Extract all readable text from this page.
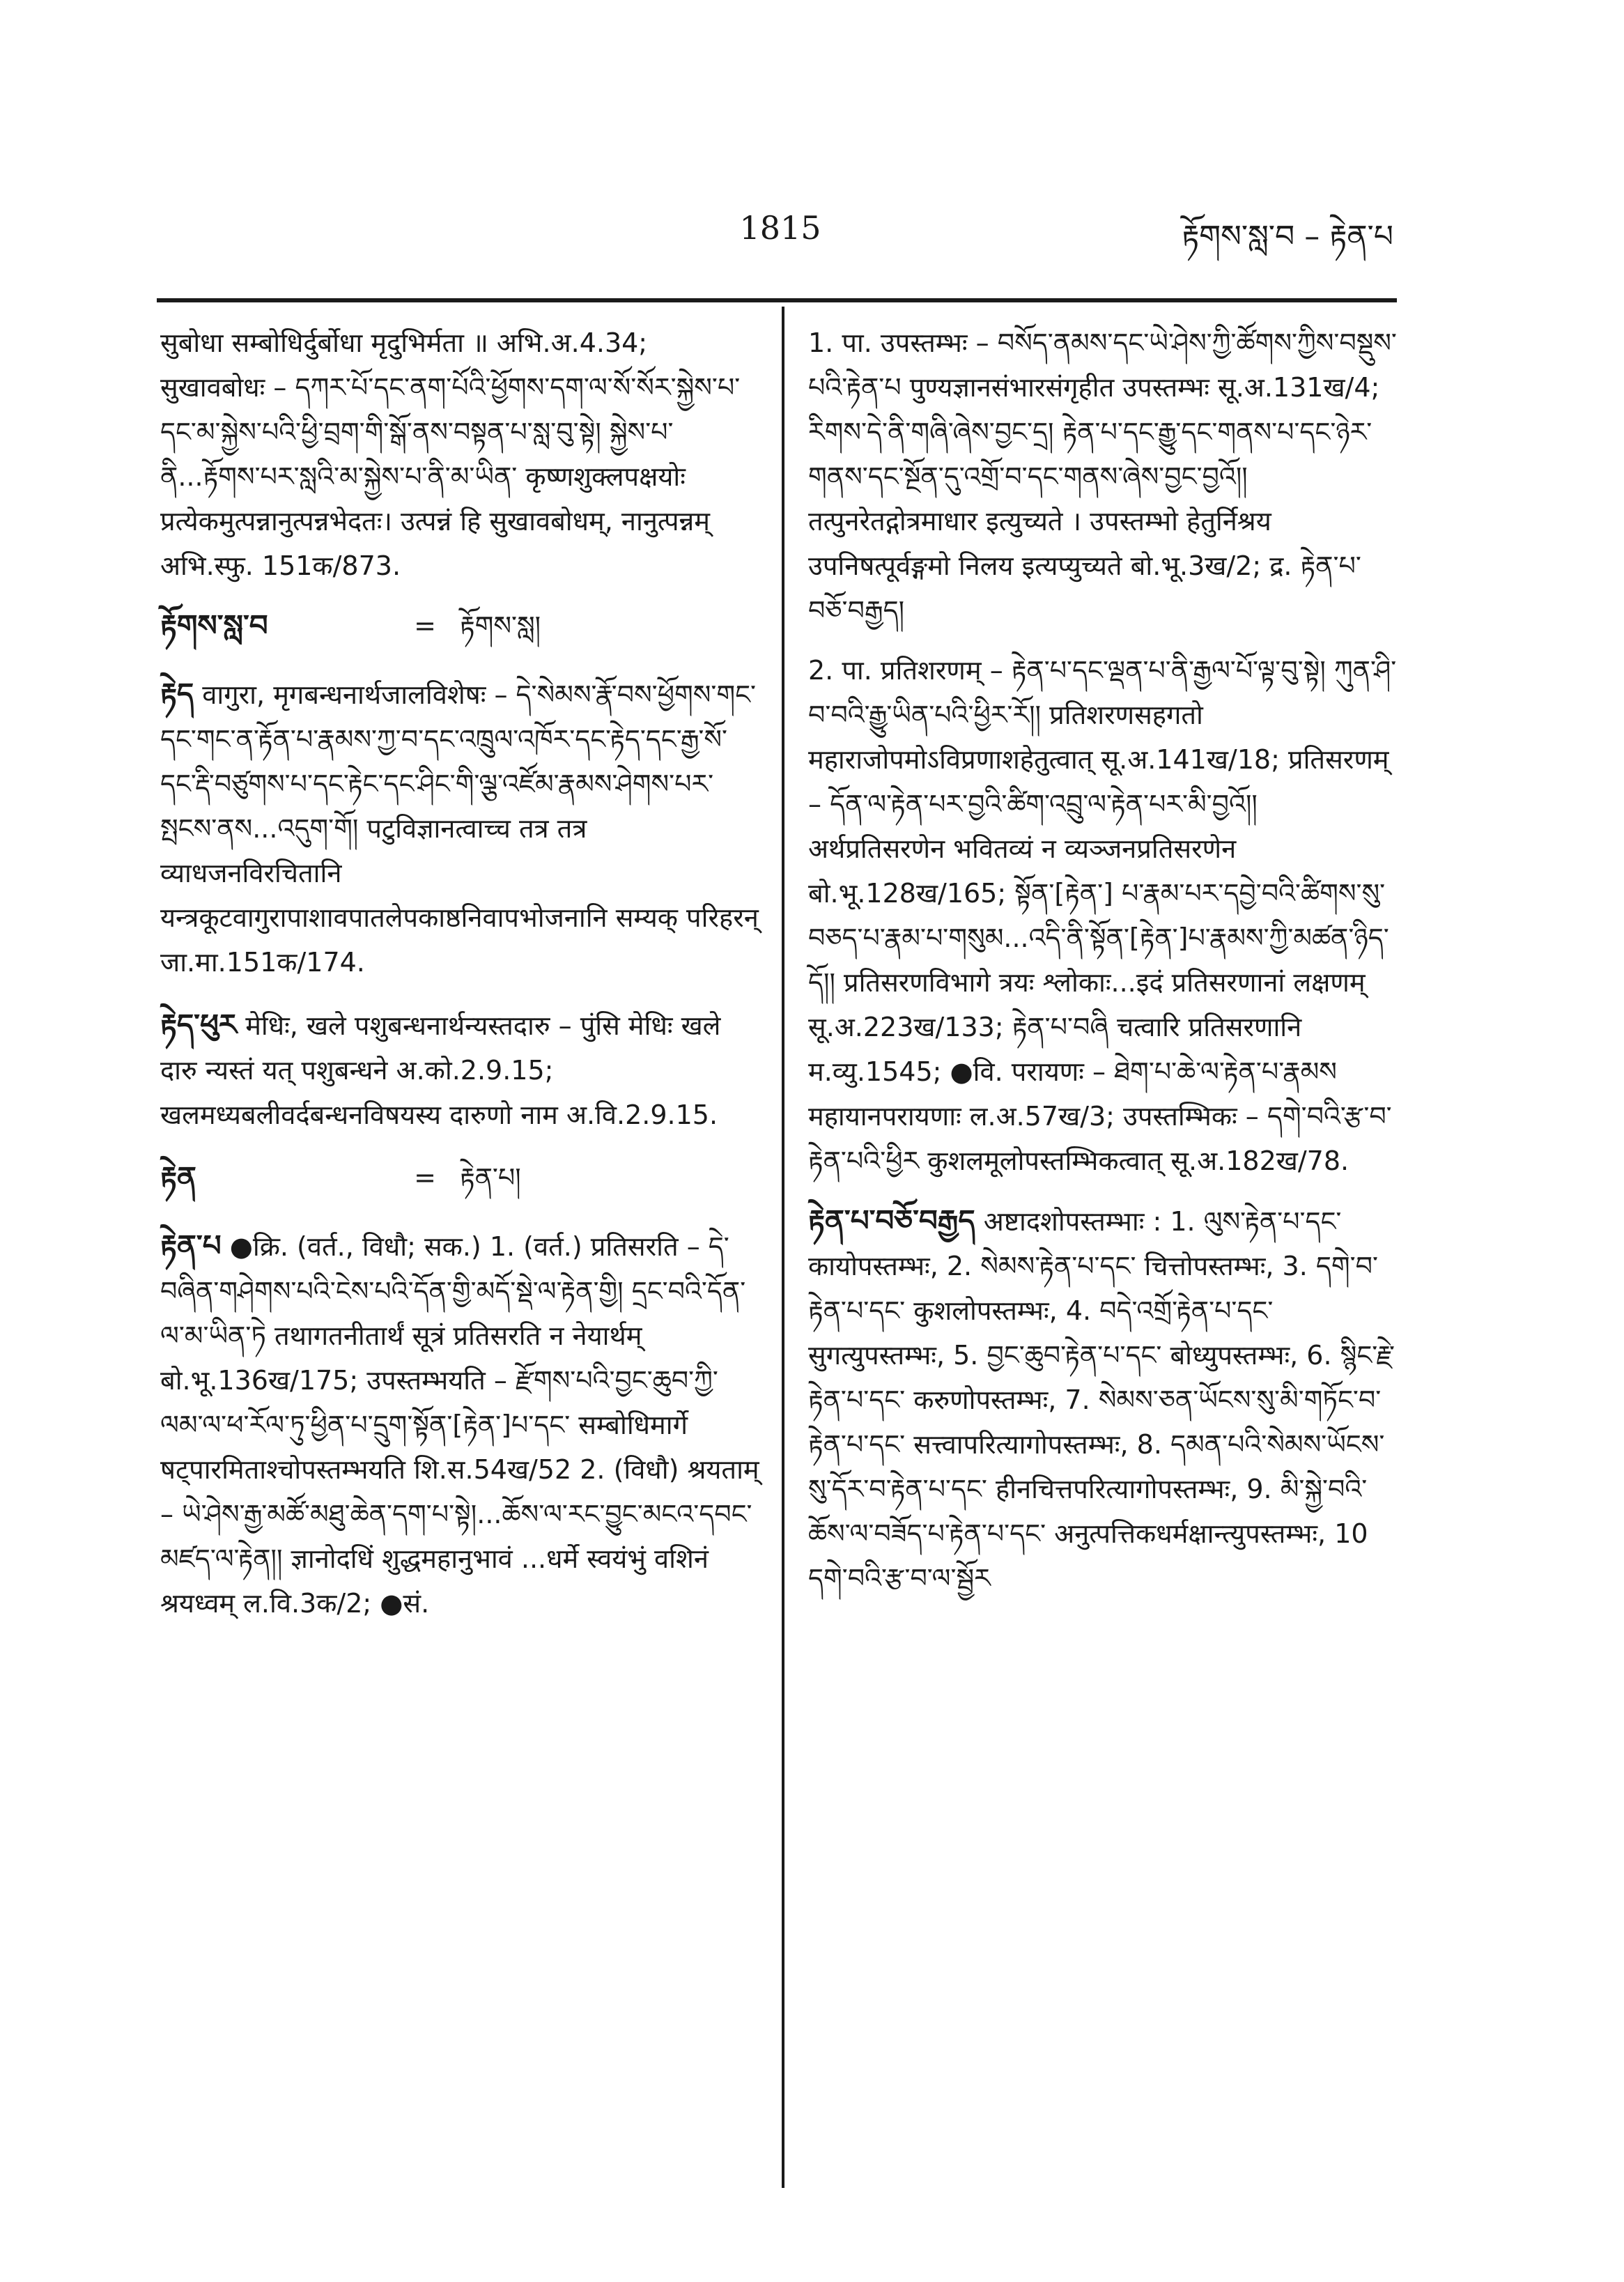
1815	རྟོགས་སླ་བ – རྟེན་པ

सुबोधा सम्बोधिर्दुर्बोधा मृदुभिर्मता ॥ अभि.अ.4.34; सुखावबोधः – དཀར་པོ་དང་ནག་པོའི་ཕྱོགས་དག་ལ་སོ་སོར་སྐྱེས་པ་དང་མ་སྐྱེས་པའི་ཕྱི་བྲག་གི་སྒོ་ནས་བསྟན་པ་སླ་བུ་སྟེ། སྐྱེས་པ་ནི...རྟོགས་པར་སླའི་མ་སྐྱེས་པ་ནི་མ་ཡིན་ कृष्णशुक्लपक्षयोः प्रत्येकमुत्पन्नानुत्पन्नभेदतः। उत्पन्नं हि सुखावबोधम्, नानुत्पन्नम् अभि.स्फु. 151क/873.

རྟོགས་སླ་བ	= རྟོགས་སླ།

རྟེད वागुरा, मृगबन्धनार्थजालविशेषः – དེ་སེམས་རྣོ་བས་ཕྱོགས་གང་དང་གང་ན་རྟོན་པ་རྣམས་ཀྱ་བ་དང་འཁྲུལ་འཁོར་དང་རྟེད་དང་རྒྱ་སོ་དང་རྡི་བཙུགས་པ་དང་རྟེང་དང་ཤིང་གི་ལྕ་འཛོམ་རྣམས་ཤེགས་པར་སྤངས་ནས...འདུག་གོ། पटुविज्ञानत्वाच्च तत्र तत्र व्याधजनविरचितानि यन्त्रकूटवागुरापाशावपातलेपकाष्ठनिवापभोजनानि सम्यक् परिहरन् जा.मा.151क/174.

རྟེད་ཕུར मेधिः, खले पशुबन्धनार्थन्यस्तदारु – पुंसि मेधिः खले दारु न्यस्तं यत् पशुबन्धने अ.को.2.9.15; खलमध्यबलीवर्दबन्धनविषयस्य दारुणो नाम अ.वि.2.9.15.

རྟེན	= རྟེན་པ།

རྟེན་པ ●क्रि. (वर्त., विधौ; सक.) 1. (वर्त.) प्रतिसरति – དེ་བཞིན་གཤེགས་པའི་ངེས་པའི་དོན་གྱི་མདོ་སྡེ་ལ་རྟེན་གྱི། དྲང་བའི་དོན་ལ་མ་ཡིན་ཏེ तथागतनीतार्थं सूत्रं प्रतिसरति न नेयार्थम् बो.भू.136ख/175; उपस्तम्भयति – རྫོགས་པའི་བྱང་ཆུབ་ཀྱི་ལམ་ལ་ཕ་རོལ་ཏུ་ཕྱིན་པ་དྲུག་སྟོན་[རྟེན་]པ་དང་ सम्बोधिमार्गे षट्पारमिताश्चोपस्तम्भयति शि.स.54ख/52 2. (विधौ) श्रयताम् – ཡེ་ཤེས་རྒྱ་མཚོ་མཐུ་ཆེན་དག་པ་སྟེ།...ཆོས་ལ་རང་བྱུང་མངའ་དབང་མཛད་ལ་རྟེན།། ज्ञानोदधिं शुद्धमहानुभावं ...धर्मे स्वयंभुं वशिनं श्रयध्वम् ल.वि.3क/2; ●सं.

1. पा. उपस्तम्भः – བསོད་ནམས་དང་ཡེ་ཤེས་ཀྱི་ཚོགས་ཀྱིས་བསྡུས་པའི་རྟེན་པ पुण्यज्ञानसंभारसंगृहीत उपस्तम्भः सू.अ.131ख/4; རིགས་དེ་ནི་གཞི་ཞེས་བྱང་དྲ། རྟེན་པ་དང་རྒྱུ་དང་གནས་པ་དང་ཉེར་གནས་དང་སྔོན་དུ་འགྲོ་བ་དང་གནས་ཞེས་བྱང་བྱའོ།། तत्पुनरेतद्गोत्रमाधार इत्युच्यते । उपस्तम्भो हेतुर्निश्रय उपनिषत्पूर्वङ्गमो निलय इत्यप्युच्यते बो.भू.3ख/2; द्र. རྟེན་པ་བཅོ་བརྒྱད།

2. पा. प्रतिशरणम् – རྟེན་པ་དང་ལྡན་པ་ནི་རྒྱལ་པོ་ལྟ་བུ་སྟེ། ཀུན་ཤི་བ་བའི་རྒྱུ་ཡིན་པའི་ཕྱིར་རོ།། प्रतिशरणसहगतो महाराजोपमोऽविप्रणाशहेतुत्वात् सू.अ.141ख/18; प्रतिसरणम् – དོན་ལ་རྟེན་པར་བྱའི་ཚིག་འབྲུ་ལ་རྟེན་པར་མི་བྱའོ།། अर्थप्रतिसरणेन भवितव्यं न व्यञ्जनप्रतिसरणेन बो.भू.128ख/165; སྟོན་[རྟེན་] པ་རྣམ་པར་དབྱེ་བའི་ཚིགས་སུ་བཅད་པ་རྣམ་པ་གསུམ...འདི་ནི་སྟོན་[རྟེན་]པ་རྣམས་ཀྱི་མཚན་ཉིད་དོ།། प्रतिसरणविभागे त्रयः श्लोकाः...इदं प्रतिसरणानां लक्षणम् सू.अ.223ख/133; རྟེན་པ་བཞི चत्वारि प्रतिसरणानि म.व्यु.1545; ●वि. परायणः – ཐེག་པ་ཆེ་ལ་རྟེན་པ་རྣམས महायानपरायणाः ल.अ.57ख/3; उपस्तम्भिकः – དགེ་བའི་རྩ་བ་རྟེན་པའི་ཕྱིར कुशलमूलोपस्तम्भिकत्वात् सू.अ.182ख/78.

རྟེན་པ་བཅོ་བརྒྱད अष्टादशोपस्तम्भाः : 1. ལུས་རྟེན་པ་དང་ कायोपस्तम्भः, 2. སེམས་རྟེན་པ་དང་ चित्तोपस्तम्भः, 3. དགེ་བ་རྟེན་པ་དང་ कुशलोपस्तम्भः, 4. བདེ་འགྲོ་རྟེན་པ་དང་ सुगत्युपस्तम्भः, 5. བྱང་ཆུབ་རྟེན་པ་དང་ बोध्युपस्तम्भः, 6. སྙིང་རྗེ་རྟེན་པ་དང་ करुणोपस्तम्भः, 7. སེམས་ཅན་ཡོངས་སུ་མི་གཏོང་བ་རྟེན་པ་དང་ सत्त्वापरित्यागोपस्तम्भः, 8. དམན་པའི་སེམས་ཡོངས་སུ་དོར་བ་རྟེན་པ་དང་ हीनचित्तपरित्यागोपस्तम्भः, 9. མི་སྐྱེ་བའི་ཆོས་ལ་བཟོད་པ་རྟེན་པ་དང་ अनुत्पत्तिकधर्मक्षान्त्युपस्तम्भः, 10 དགེ་བའི་རྩ་བ་ལ་སྦྱོར
